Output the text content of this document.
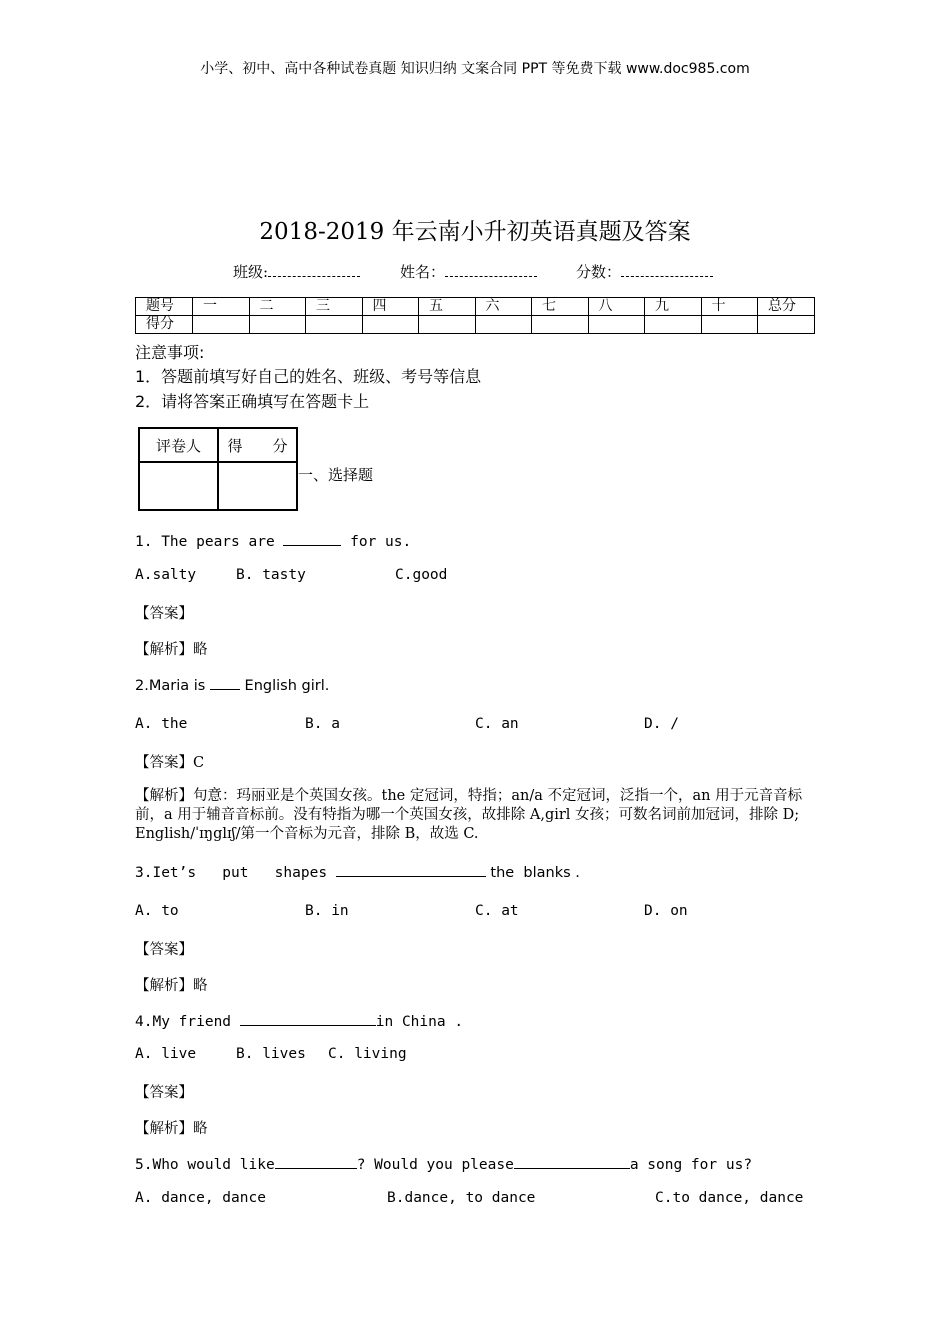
小学、初中、高中各种试卷真题 知识归纳 文案合同 PPT 等免费下载 www.doc985.com
2018-2019 年云南小升初英语真题及答案
班级:	姓名：	分数：
题号	一	二	三	四	五	六	七	八	九	十	总分
得分											
注意事项:
1．答题前填写好自己的姓名、班级、考号等信息
2．请将答案正确填写在答题卡上
评卷人	得　　分

一、选择题
1. The pears are	for us.
A.salty	B. tasty	C.good
【答案】
【解析】略
2.Maria is  English girl.
A. the	B. a	C. an	D. /
【答案】C
【解析】句意：玛丽亚是个英国女孩。the 定冠词，特指；an/a 不定冠词，泛指一个，an 用于元音音标前，a 用于辅音音标前。没有特指为哪一个英国女孩，故排除 A,girl 女孩；可数名词前加冠词，排除 D; English/ˈɪŋglɪʃ/第一个音标为元音，排除 B，故选 C.
3.Iet’s   put   shapes	the  blanks .
A. to	B. in	C. at	D. on
【答案】
【解析】略
4.My friend	in China .
A. live	B. lives C. living
【答案】
【解析】略
5.Who would like	? Would you please	a song for us?
A. dance, dance	B.dance, to dance	C.to dance, dance
